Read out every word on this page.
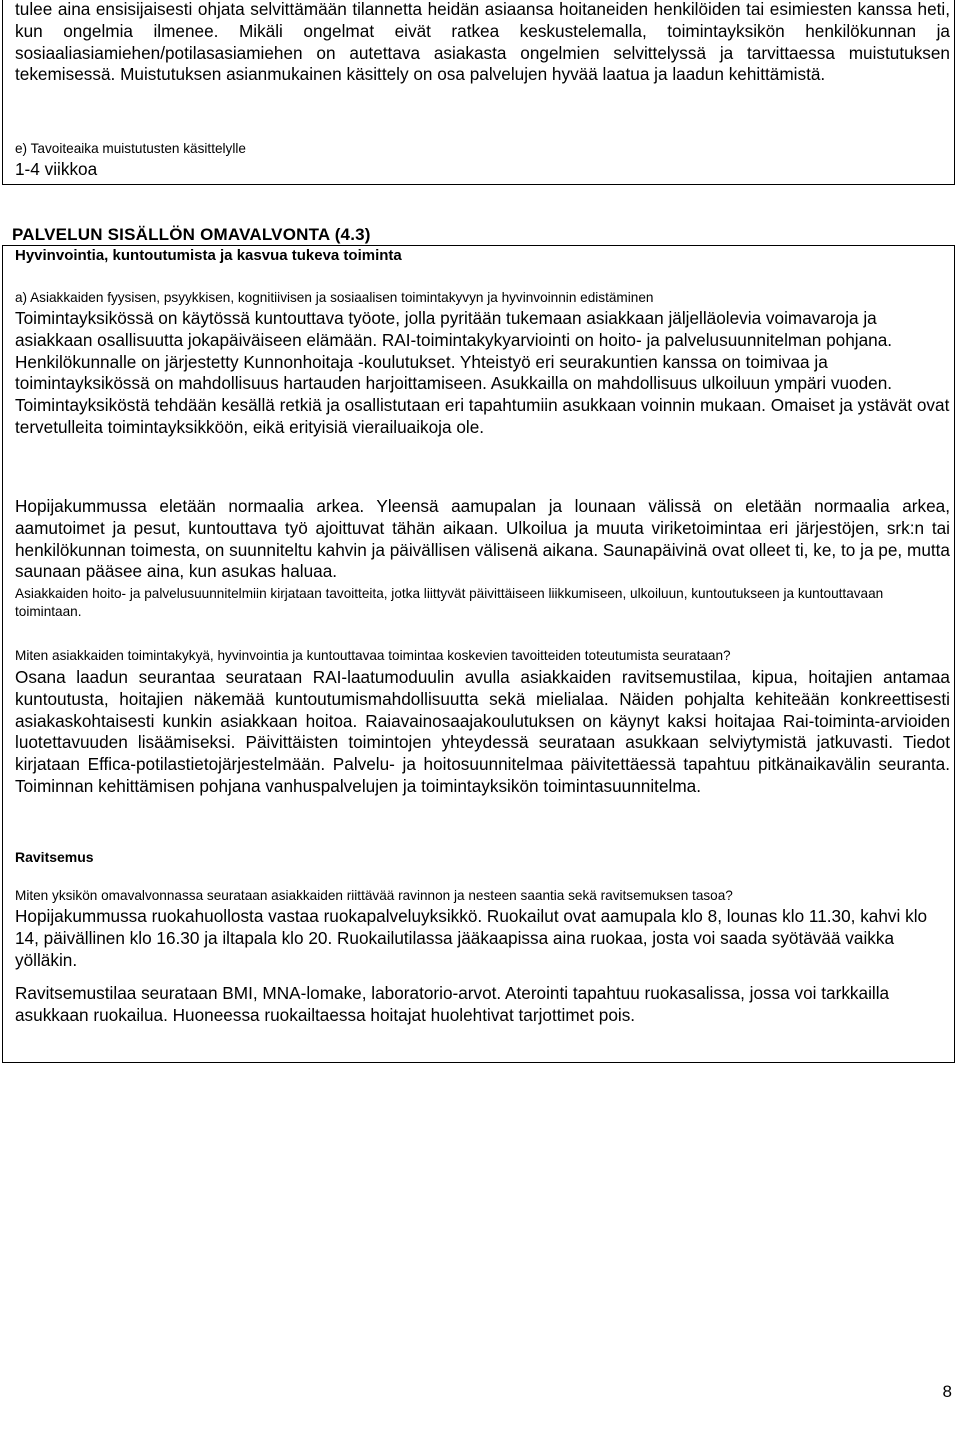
tulee aina ensisijaisesti ohjata selvittämään tilannetta heidän asiaansa hoitaneiden henkilöiden tai esimiesten kanssa heti, kun ongelmia ilmenee. Mikäli ongelmat eivät ratkea keskustelemalla, toimintayksikön henkilökunnan ja sosiaaliasiamiehen/potilasasiamiehen on autettava asiakasta ongelmien selvittelyssä ja tarvittaessa muistutuksen tekemisessä. Muistutuksen asianmukainen käsittely on osa palvelujen hyvää laatua ja laadun kehittämistä.

e) Tavoiteaika muistutusten käsittelylle

1-4 viikkoa

PALVELUN SISÄLLÖN OMAVALVONTA (4.3)

Hyvinvointia, kuntoutumista ja kasvua tukeva toiminta

a) Asiakkaiden fyysisen, psyykkisen, kognitiivisen ja sosiaalisen toimintakyvyn ja hyvinvoinnin edistäminen

Toimintayksikössä on käytössä kuntouttava työote, jolla pyritään tukemaan asiakkaan jäljelläolevia voimavaroja ja asiakkaan osallisuutta jokapäiväiseen elämään. RAI-toimintakykyarviointi on hoito- ja palvelusuunnitelman pohjana. Henkilökunnalle on järjestetty Kunnonhoitaja -koulutukset. Yhteistyö eri seurakuntien kanssa on toimivaa ja toimintayksikössä on mahdollisuus hartauden harjoittamiseen. Asukkailla on mahdollisuus ulkoiluun ympäri vuoden. Toimintayksiköstä tehdään kesällä retkiä ja osallistutaan eri tapahtumiin asukkaan voinnin mukaan. Omaiset ja ystävät ovat tervetulleita toimintayksikköön, eikä erityisiä vierailuaikoja ole.

Hopijakummussa eletään normaalia arkea. Yleensä aamupalan ja lounaan välissä on eletään normaalia arkea, aamutoimet ja pesut, kuntouttava työ ajoittuvat tähän aikaan. Ulkoilua ja muuta viriketoimintaa eri järjestöjen, srk:n tai henkilökunnan toimesta, on suunniteltu kahvin ja päivällisen välisenä aikana. Saunapäivinä ovat olleet ti, ke, to ja pe, mutta saunaan pääsee aina, kun asukas haluaa.

Asiakkaiden hoito- ja palvelusuunnitelmiin kirjataan tavoitteita, jotka liittyvät päivittäiseen liikkumiseen, ulkoiluun, kuntoutukseen ja kuntouttavaan toimintaan.

Miten asiakkaiden toimintakykyä, hyvinvointia ja kuntouttavaa toimintaa koskevien tavoitteiden toteutumista seurataan?

Osana laadun seurantaa seurataan RAI-laatumoduulin avulla asiakkaiden ravitsemustilaa, kipua, hoitajien antamaa kuntoutusta, hoitajien näkemää kuntoutumismahdollisuutta sekä mielialaa. Näiden pohjalta kehiteään konkreettisesti asiakaskohtaisesti kunkin asiakkaan hoitoa. Raiavainosaajakoulutuksen on käynyt kaksi hoitajaa Rai-toiminta-arvioiden luotettavuuden lisäämiseksi. Päivittäisten toimintojen yhteydessä seurataan asukkaan selviytymistä jatkuvasti. Tiedot kirjataan Effica-potilastietojärjestelmään. Palvelu- ja hoitosuunnitelmaa päivitettäessä tapahtuu pitkänaikavälin seuranta. Toiminnan kehittämisen pohjana vanhuspalvelujen ja toimintayksikön toimintasuunnitelma.

Ravitsemus

Miten yksikön omavalvonnassa seurataan asiakkaiden riittävää ravinnon ja nesteen saantia sekä ravitsemuksen tasoa?

Hopijakummussa ruokahuollosta vastaa ruokapalveluyksikkö. Ruokailut ovat aamupala klo 8, lounas klo 11.30, kahvi klo 14, päivällinen klo 16.30 ja iltapala klo 20. Ruokailutilassa jääkaapissa aina ruokaa, josta voi saada syötävää vaikka yölläkin.

Ravitsemustilaa seurataan BMI, MNA-lomake, laboratorio-arvot. Aterointi tapahtuu ruokasalissa, jossa voi tarkkailla asukkaan ruokailua. Huoneessa ruokailtaessa hoitajat huolehtivat tarjottimet pois.

8
